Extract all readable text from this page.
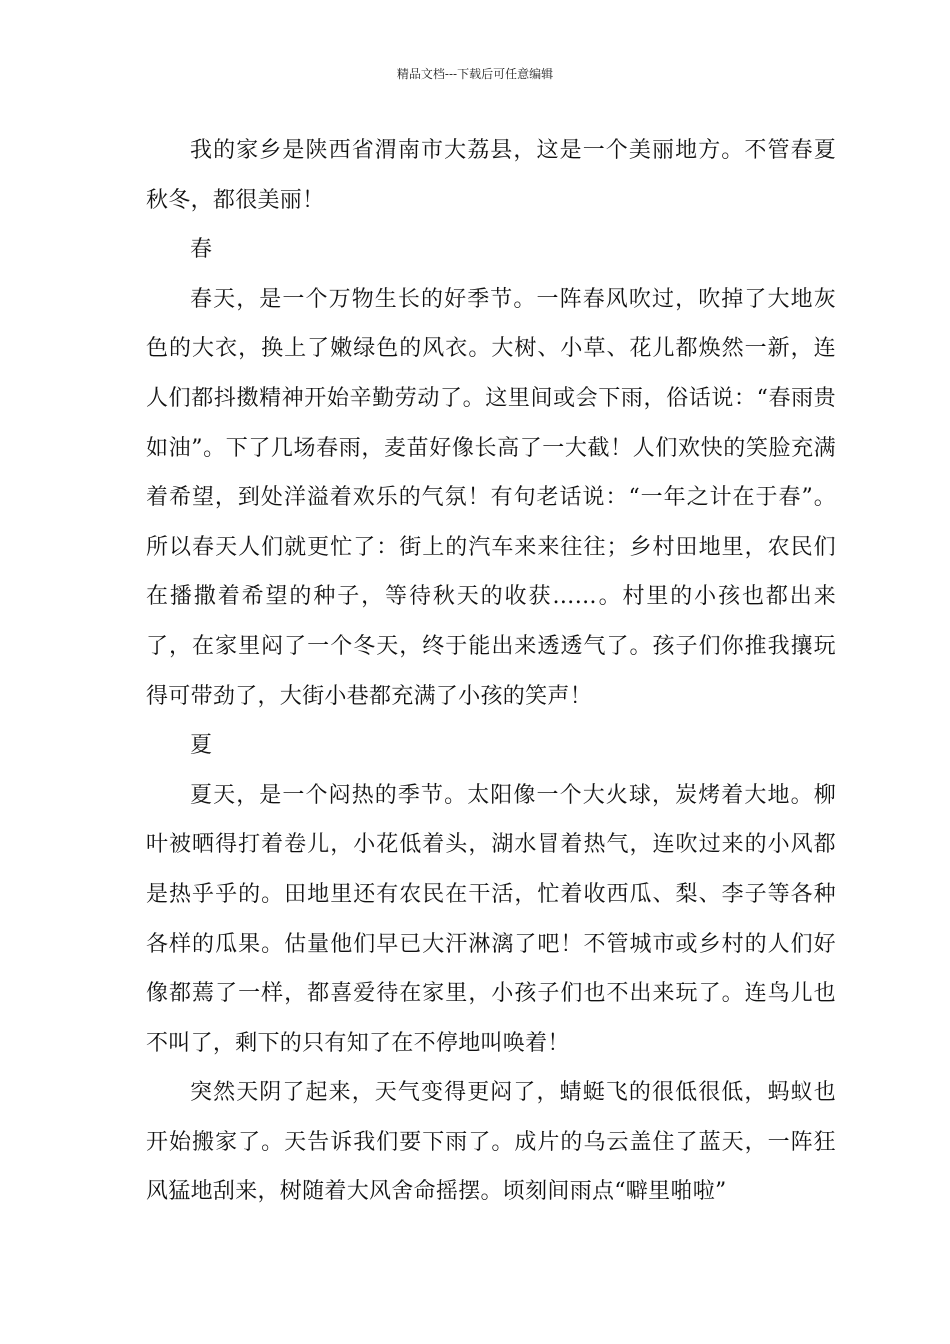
精品文档---下载后可任意编辑

我的家乡是陕西省渭南市大荔县，这是一个美丽地方。不管春夏秋冬，都很美丽！

春

春天，是一个万物生长的好季节。一阵春风吹过，吹掉了大地灰色的大衣，换上了嫩绿色的风衣。大树、小草、花儿都焕然一新，连人们都抖擞精神开始辛勤劳动了。这里间或会下雨，俗话说：“春雨贵如油”。下了几场春雨，麦苗好像长高了一大截！人们欢快的笑脸充满着希望，到处洋溢着欢乐的气氛！有句老话说：“一年之计在于春”。所以春天人们就更忙了：街上的汽车来来往往；乡村田地里，农民们在播撒着希望的种子，等待秋天的收获……。村里的小孩也都出来了，在家里闷了一个冬天，终于能出来透透气了。孩子们你推我攘玩得可带劲了，大街小巷都充满了小孩的笑声！

夏

夏天，是一个闷热的季节。太阳像一个大火球，炭烤着大地。柳叶被晒得打着卷儿，小花低着头，湖水冒着热气，连吹过来的小风都是热乎乎的。田地里还有农民在干活，忙着收西瓜、梨、李子等各种各样的瓜果。估量他们早已大汗淋漓了吧！不管城市或乡村的人们好像都蔫了一样，都喜爱待在家里，小孩子们也不出来玩了。连鸟儿也不叫了，剩下的只有知了在不停地叫唤着！

突然天阴了起来，天气变得更闷了，蜻蜓飞的很低很低，蚂蚁也开始搬家了。天告诉我们要下雨了。成片的乌云盖住了蓝天，一阵狂风猛地刮来，树随着大风舍命摇摆。顷刻间雨点“噼里啪啦”
